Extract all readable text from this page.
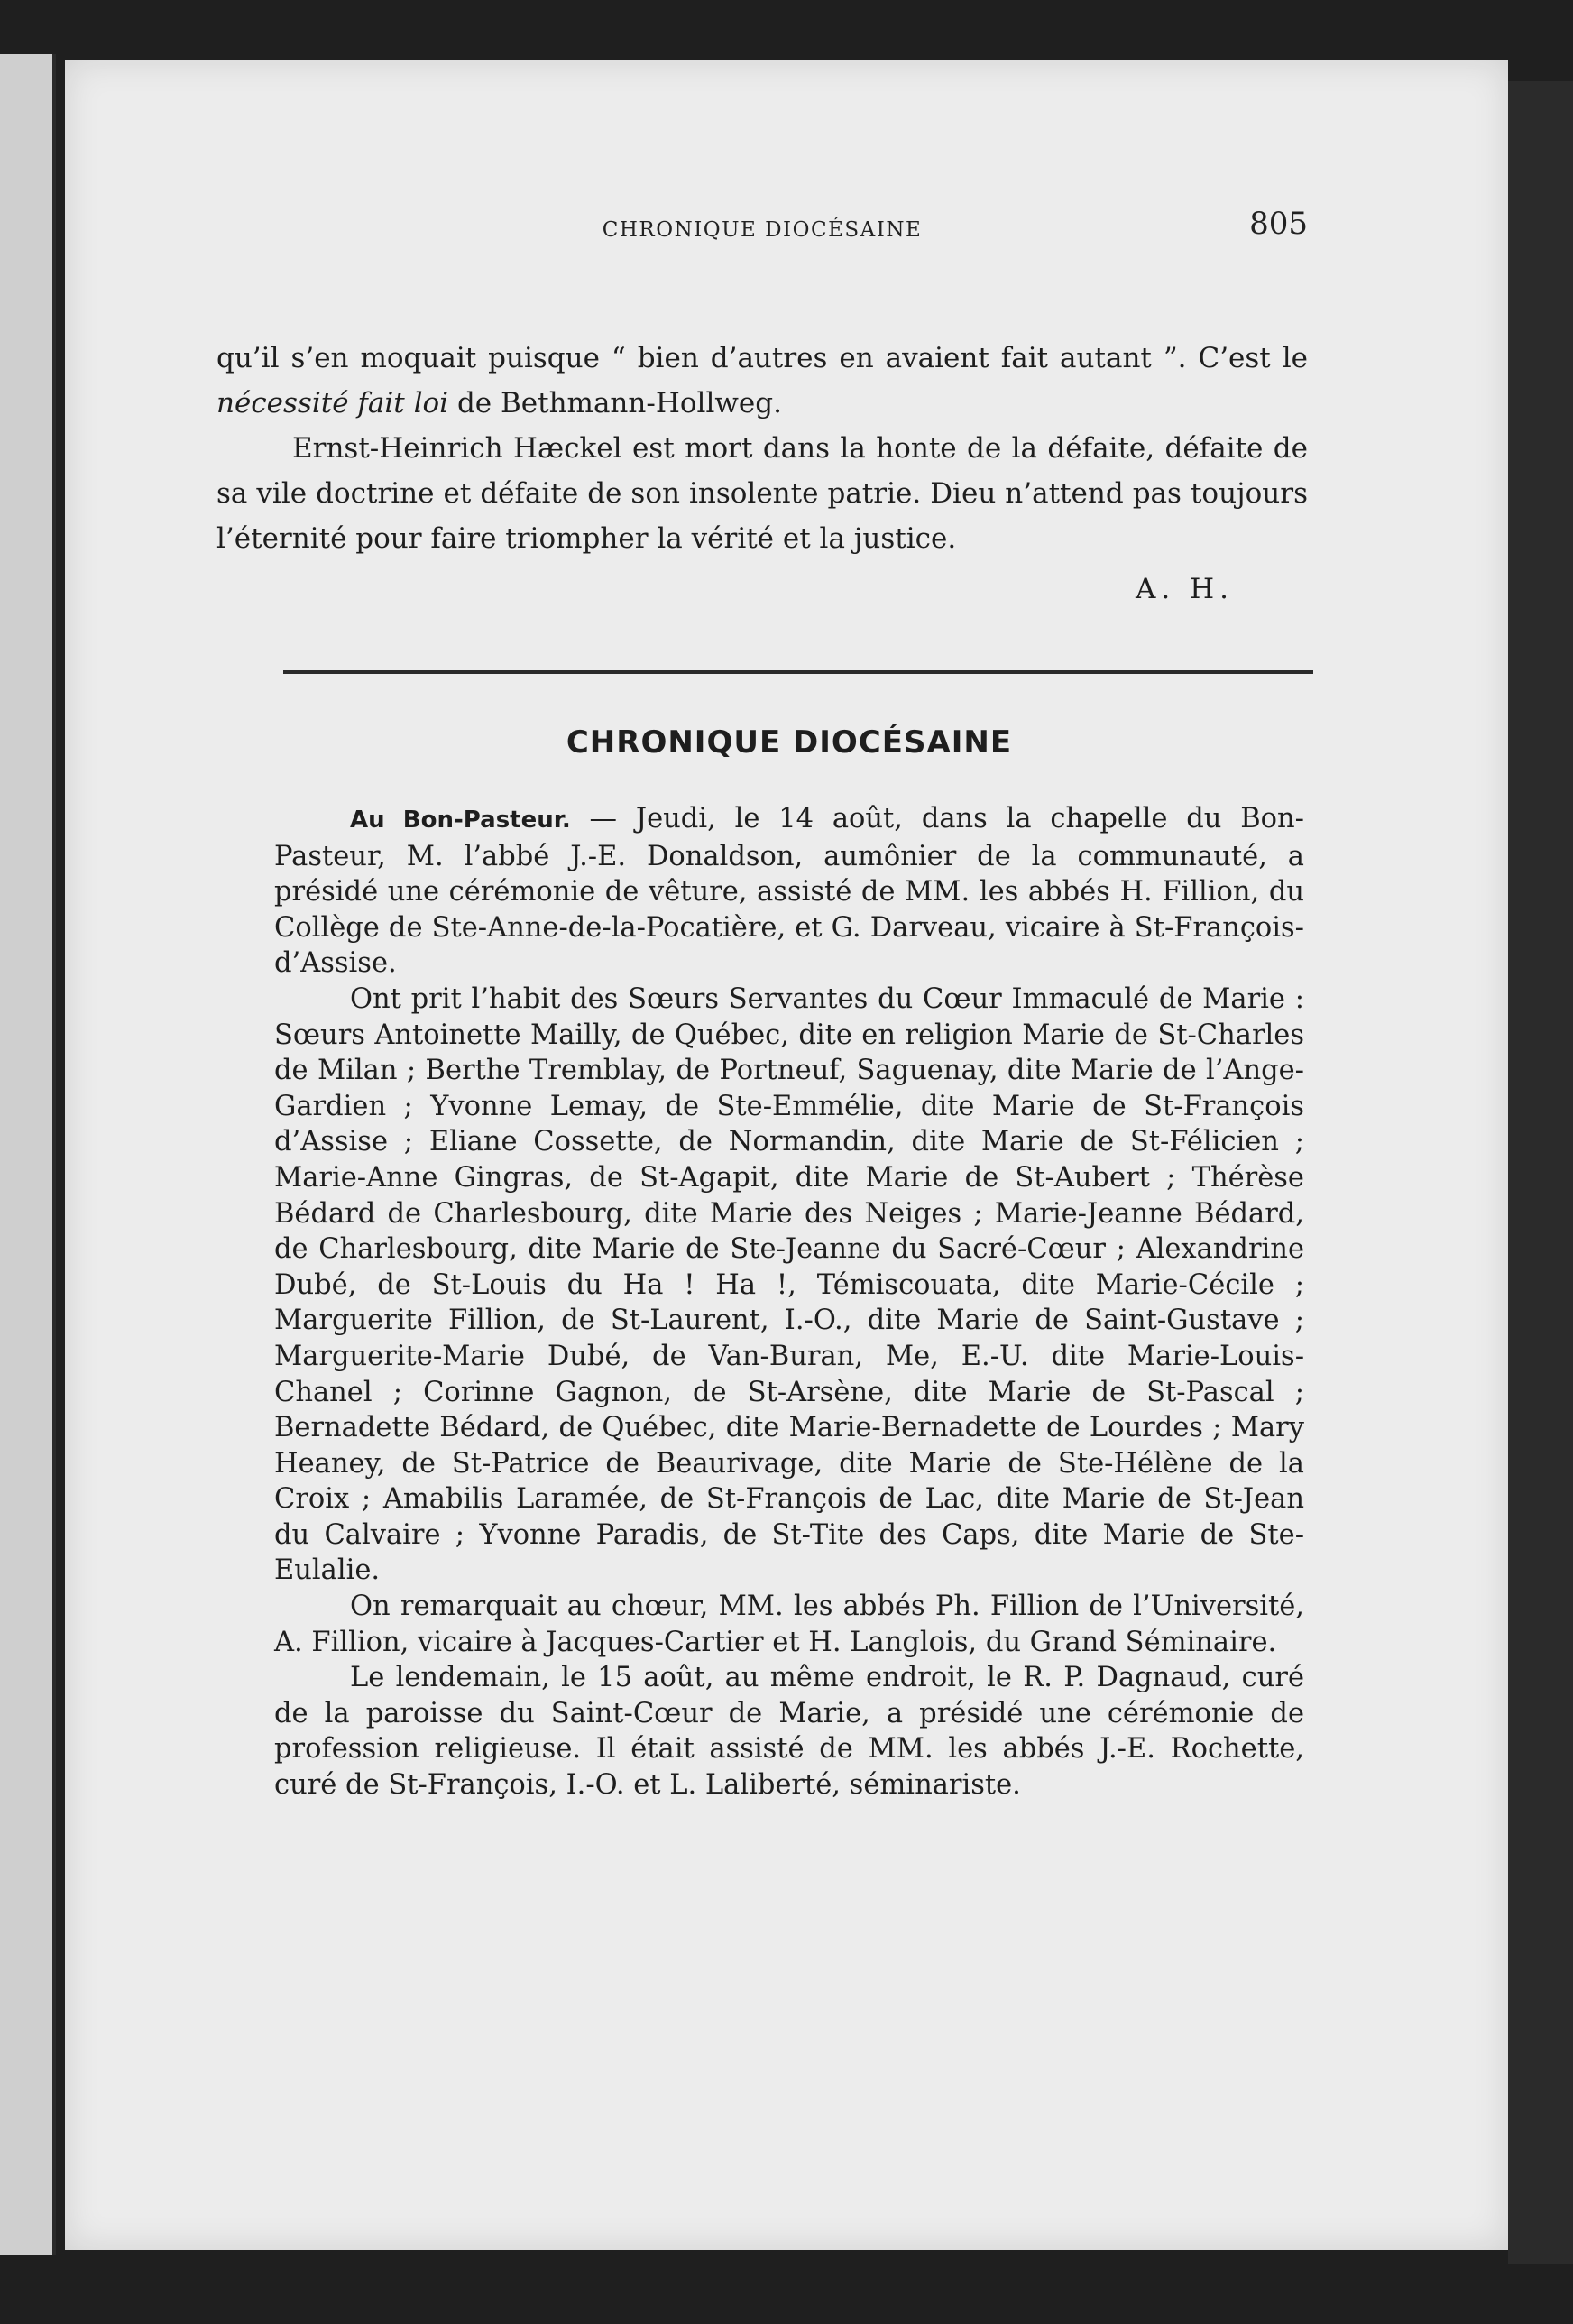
CHRONIQUE DIOCÉSAINE	805

qu’il s’en moquait puisque “ bien d’autres en avaient fait autant ”. C’est le nécessité fait loi de Bethmann-Hollweg.

Ernst-Heinrich Hæckel est mort dans la honte de la défaite, défaite de sa vile doctrine et défaite de son insolente patrie. Dieu n’attend pas toujours l’éternité pour faire triompher la vérité et la justice.

A. H.

CHRONIQUE DIOCÉSAINE

Au Bon-Pasteur. — Jeudi, le 14 août, dans la chapelle du Bon-Pasteur, M. l’abbé J.-E. Donaldson, aumônier de la communauté, a présidé une cérémonie de vêture, assisté de MM. les abbés H. Fillion, du Collège de Ste-Anne-de-la-Pocatière, et G. Darveau, vicaire à St-François-d’Assise.

Ont prit l’habit des Sœurs Servantes du Cœur Immaculé de Marie : Sœurs Antoinette Mailly, de Québec, dite en religion Marie de St-Charles de Milan ; Berthe Tremblay, de Portneuf, Saguenay, dite Marie de l’Ange-Gardien ; Yvonne Lemay, de Ste-Emmélie, dite Marie de St-François d’Assise ; Eliane Cossette, de Normandin, dite Marie de St-Félicien ; Marie-Anne Gingras, de St-Agapit, dite Marie de St-Aubert ; Thérèse Bédard de Charlesbourg, dite Marie des Neiges ; Marie-Jeanne Bédard, de Charlesbourg, dite Marie de Ste-Jeanne du Sacré-Cœur ; Alexandrine Dubé, de St-Louis du Ha ! Ha !, Témiscouata, dite Marie-Cécile ; Marguerite Fillion, de St-Laurent, I.-O., dite Marie de Saint-Gustave ; Marguerite-Marie Dubé, de Van-Buran, Me, E.-U. dite Marie-Louis-Chanel ; Corinne Gagnon, de St-Arsène, dite Marie de St-Pascal ; Bernadette Bédard, de Québec, dite Marie-Bernadette de Lourdes ; Mary Heaney, de St-Patrice de Beaurivage, dite Marie de Ste-Hélène de la Croix ; Amabilis Laramée, de St-François de Lac, dite Marie de St-Jean du Calvaire ; Yvonne Paradis, de St-Tite des Caps, dite Marie de Ste-Eulalie.

On remarquait au chœur, MM. les abbés Ph. Fillion de l’Université, A. Fillion, vicaire à Jacques-Cartier et H. Langlois, du Grand Séminaire.

Le lendemain, le 15 août, au même endroit, le R. P. Dagnaud, curé de la paroisse du Saint-Cœur de Marie, a présidé une cérémonie de profession religieuse. Il était assisté de MM. les abbés J.-E. Rochette, curé de St-François, I.-O. et L. Laliberté, séminariste.
